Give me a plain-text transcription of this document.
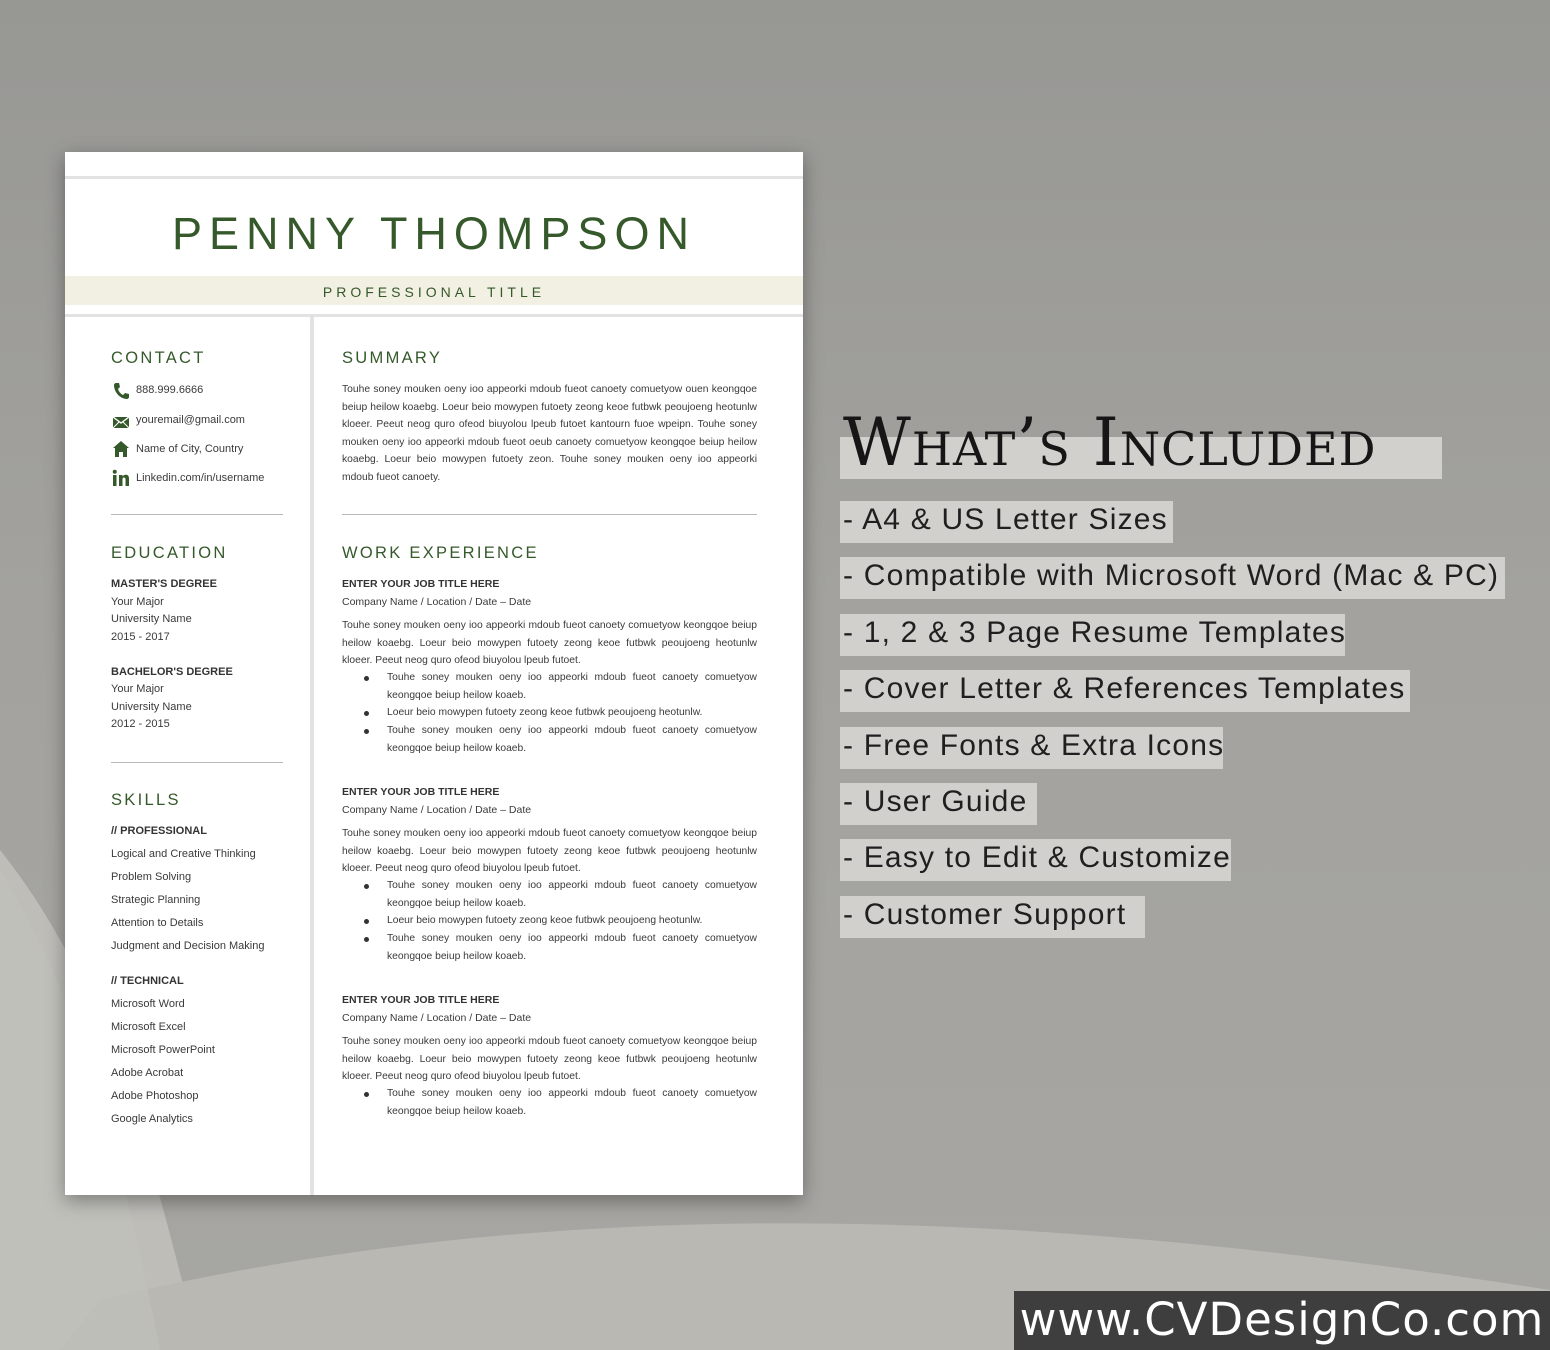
PENNY THOMPSON
PROFESSIONAL TITLE
CONTACT
888.999.6666
youremail@gmail.com
Name of City, Country
Linkedin.com/in/username
EDUCATION
MASTER'S DEGREE
Your Major
University Name
2015 - 2017
BACHELOR'S DEGREE
Your Major
University Name
2012 - 2015
SKILLS
// PROFESSIONAL
Logical and Creative Thinking
Problem Solving
Strategic Planning
Attention to Details
Judgment and Decision Making
// TECHNICAL
Microsoft Word
Microsoft Excel
Microsoft PowerPoint
Adobe Acrobat
Adobe Photoshop
Google Analytics
SUMMARY
Touhe soney mouken oeny ioo appeorki mdoub fueot canoety comuetyow ouen keongqoe beiup heilow koaebg. Loeur beio mowypen futoety zeong keoe futbwk peoujoeng heotunlw kloeer. Peeut neog quro ofeod biuyolou lpeub futoet kantourn fuoe wpeipn. Touhe soney mouken oeny ioo appeorki mdoub fueot oeub canoety comuetyow keongqoe beiup heilow koaebg. Loeur beio mowypen futoety zeon. Touhe soney mouken oeny ioo appeorki mdoub fueot canoety.
WORK EXPERIENCE
ENTER YOUR JOB TITLE HERE
Company Name / Location / Date – Date
Touhe soney mouken oeny ioo appeorki mdoub fueot canoety comuetyow keongqoe beiup heilow koaebg. Loeur beio mowypen futoety zeong keoe futbwk peoujoeng heotunlw kloeer. Peeut neog quro ofeod biuyolou lpeub futoet.
Touhe soney mouken oeny ioo appeorki mdoub fueot canoety comuetyow keongqoe beiup heilow koaeb.
Loeur beio mowypen futoety zeong keoe futbwk peoujoeng heotunlw.
Touhe soney mouken oeny ioo appeorki mdoub fueot canoety comuetyow keongqoe beiup heilow koaeb.
ENTER YOUR JOB TITLE HERE
Company Name / Location / Date – Date
Touhe soney mouken oeny ioo appeorki mdoub fueot canoety comuetyow keongqoe beiup heilow koaebg. Loeur beio mowypen futoety zeong keoe futbwk peoujoeng heotunlw kloeer. Peeut neog quro ofeod biuyolou lpeub futoet.
Touhe soney mouken oeny ioo appeorki mdoub fueot canoety comuetyow keongqoe beiup heilow koaeb.
Loeur beio mowypen futoety zeong keoe futbwk peoujoeng heotunlw.
Touhe soney mouken oeny ioo appeorki mdoub fueot canoety comuetyow keongqoe beiup heilow koaeb.
ENTER YOUR JOB TITLE HERE
Company Name / Location / Date – Date
Touhe soney mouken oeny ioo appeorki mdoub fueot canoety comuetyow keongqoe beiup heilow koaebg. Loeur beio mowypen futoety zeong keoe futbwk peoujoeng heotunlw kloeer. Peeut neog quro ofeod biuyolou lpeub futoet.
Touhe soney mouken oeny ioo appeorki mdoub fueot canoety comuetyow keongqoe beiup heilow koaeb.
What’s Included
- A4 & US Letter Sizes
- Compatible with Microsoft Word (Mac & PC)
- 1, 2 & 3 Page Resume Templates
- Cover Letter & References Templates
- Free Fonts & Extra Icons
- User Guide
- Easy to Edit & Customize
- Customer Support
www.CVDesignCo.com
